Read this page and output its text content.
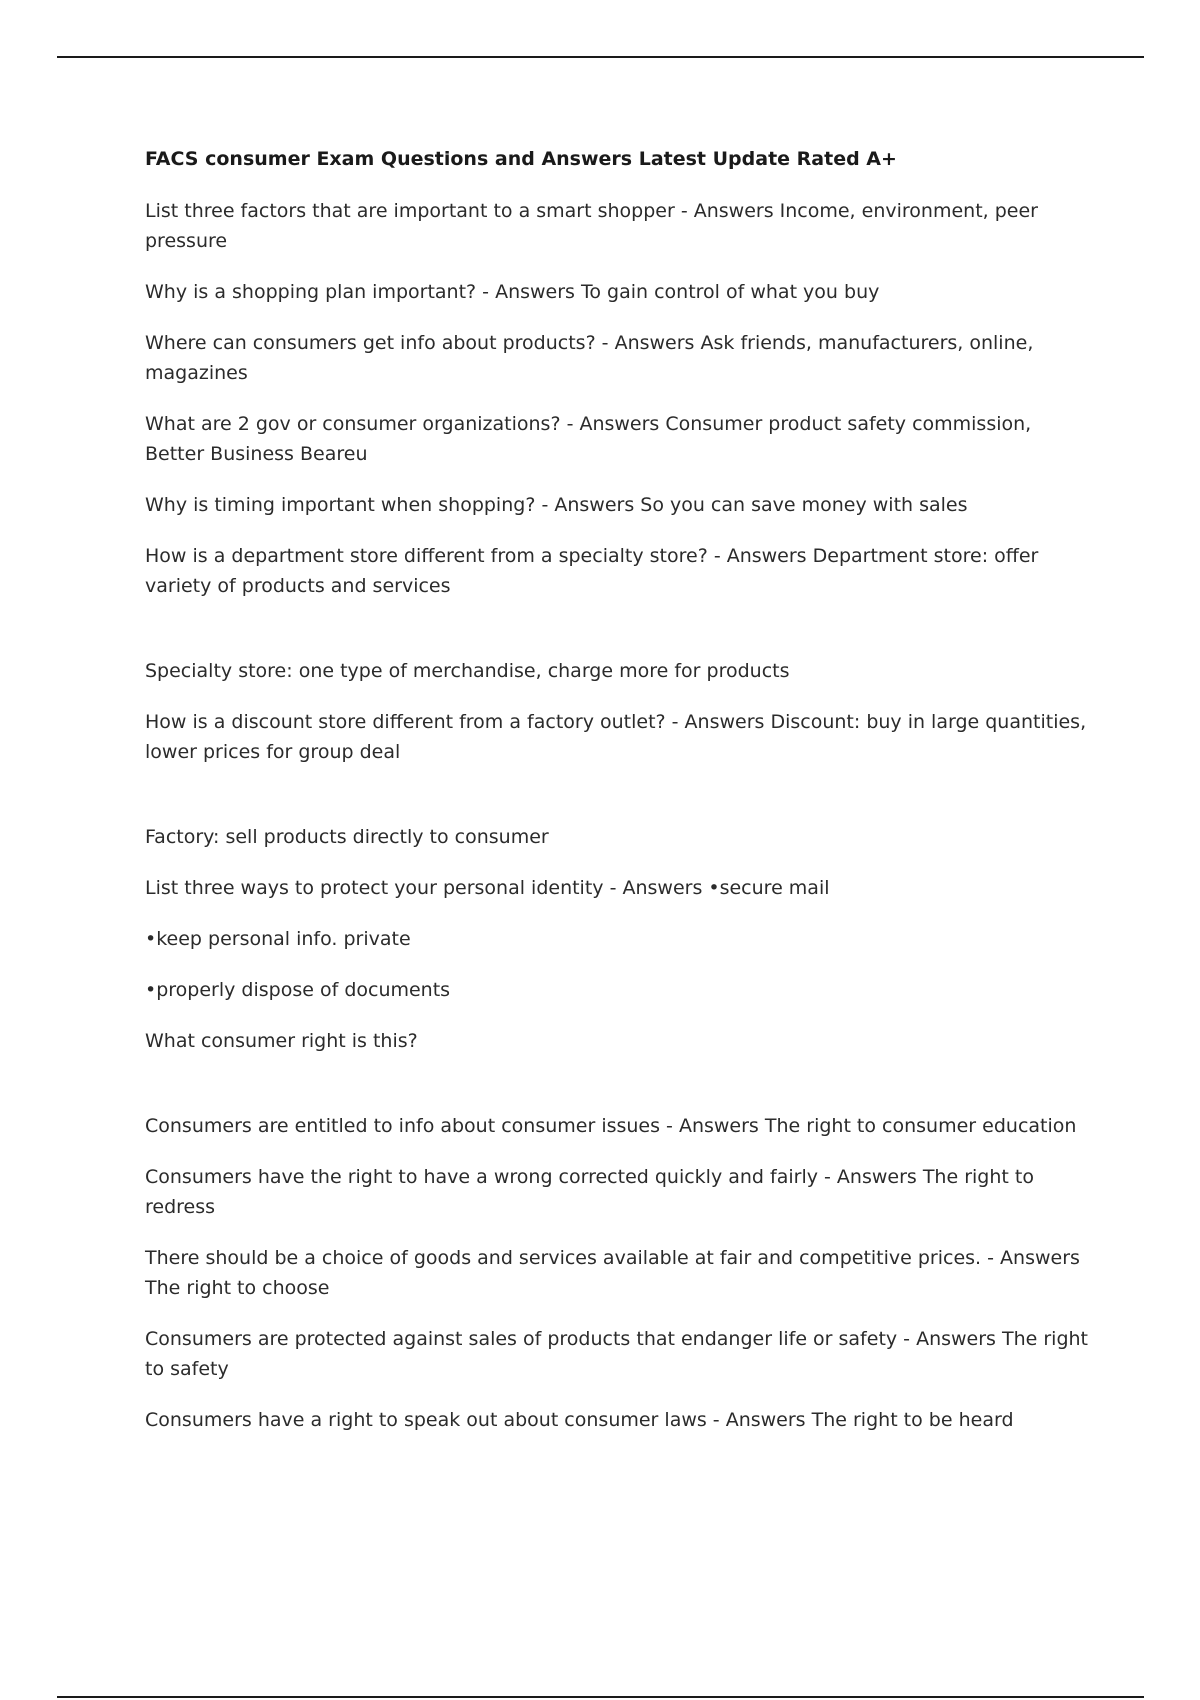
FACS consumer Exam Questions and Answers Latest Update Rated A+
List three factors that are important to a smart shopper - Answers Income, environment, peer pressure
Why is a shopping plan important? - Answers To gain control of what you buy
Where can consumers get info about products? - Answers Ask friends, manufacturers, online, magazines
What are 2 gov or consumer organizations? - Answers Consumer product safety commission, Better Business Beareu
Why is timing important when shopping? - Answers So you can save money with sales
How is a department store different from a specialty store? - Answers Department store: offer variety of products and services
Specialty store: one type of merchandise, charge more for products
How is a discount store different from a factory outlet? - Answers Discount: buy in large quantities, lower prices for group deal
Factory: sell products directly to consumer
List three ways to protect your personal identity - Answers •secure mail
•keep personal info. private
•properly dispose of documents
What consumer right is this?
Consumers are entitled to info about consumer issues - Answers The right to consumer education
Consumers have the right to have a wrong corrected quickly and fairly - Answers The right to redress
There should be a choice of goods and services available at fair and competitive prices. - Answers The right to choose
Consumers are protected against sales of products that endanger life or safety - Answers The right to safety
Consumers have a right to speak out about consumer laws - Answers The right to be heard
